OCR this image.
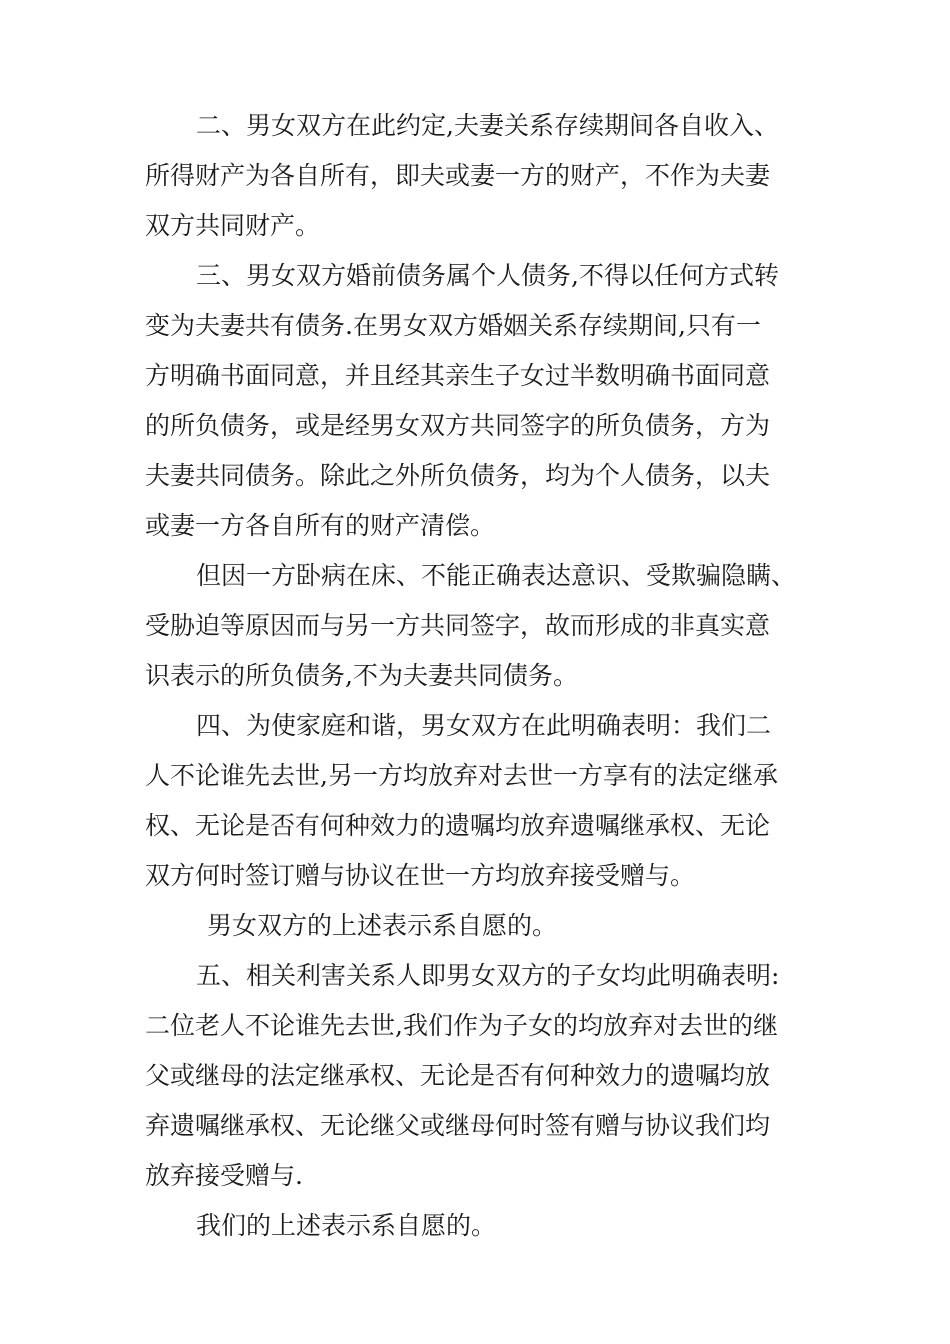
二、男女双方在此约定,夫妻关系存续期间各自收入、
所得财产为各自所有，即夫或妻一方的财产，不作为夫妻
双方共同财产。
三、男女双方婚前债务属个人债务,不得以任何方式转
变为夫妻共有债务.在男女双方婚姻关系存续期间,只有一
方明确书面同意，并且经其亲生子女过半数明确书面同意
的所负债务，或是经男女双方共同签字的所负债务，方为
夫妻共同债务。除此之外所负债务，均为个人债务，以夫
或妻一方各自所有的财产清偿。
但因一方卧病在床、不能正确表达意识、受欺骗隐瞒、
受胁迫等原因而与另一方共同签字，故而形成的非真实意
识表示的所负债务,不为夫妻共同债务。
四、为使家庭和谐，男女双方在此明确表明：我们二
人不论谁先去世,另一方均放弃对去世一方享有的法定继承
权、无论是否有何种效力的遗嘱均放弃遗嘱继承权、无论
双方何时签订赠与协议在世一方均放弃接受赠与。
男女双方的上述表示系自愿的。
五、相关利害关系人即男女双方的子女均此明确表明:
二位老人不论谁先去世,我们作为子女的均放弃对去世的继
父或继母的法定继承权、无论是否有何种效力的遗嘱均放
弃遗嘱继承权、无论继父或继母何时签有赠与协议我们均
放弃接受赠与.
我们的上述表示系自愿的。
